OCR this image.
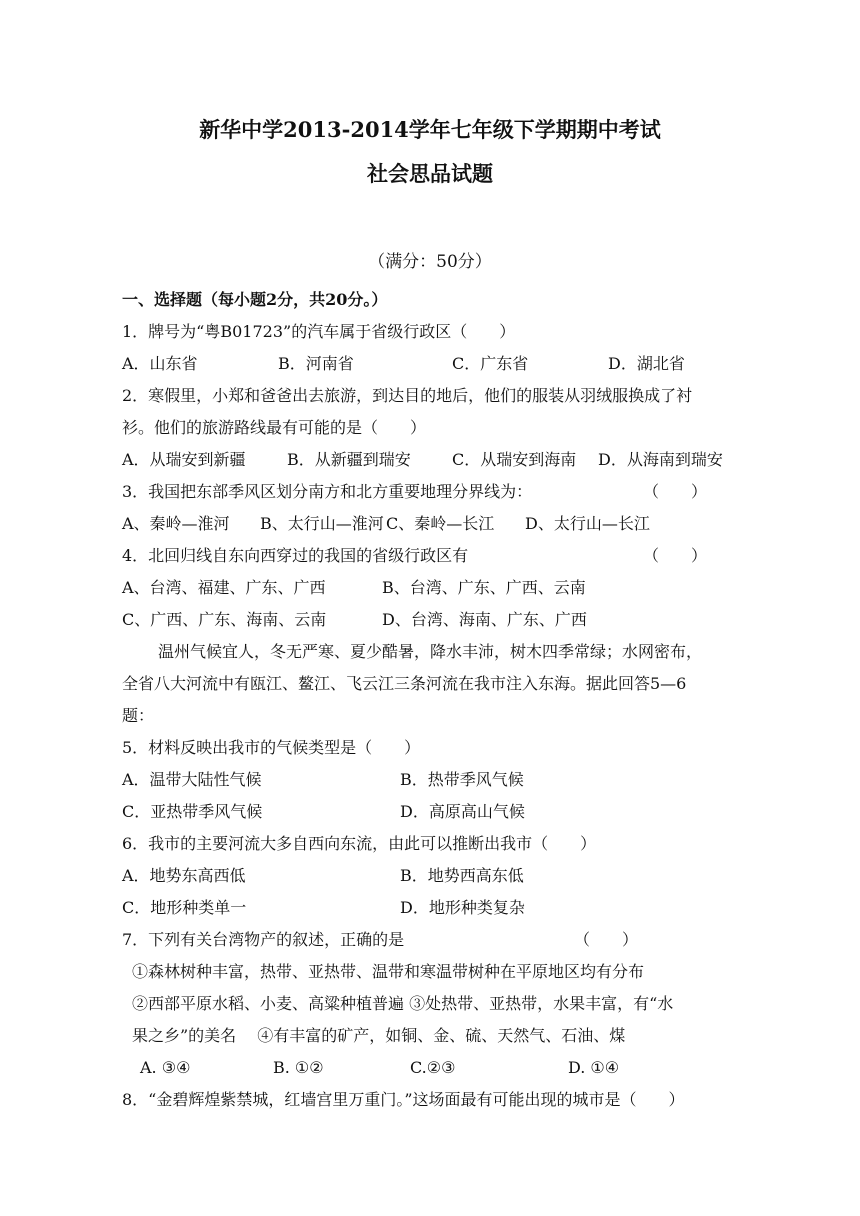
新华中学2013-2014学年七年级下学期期中考试
社会思品试题
（满分：50分）
一、选择题（每小题2分，共20分。）
1．牌号为“粤B01723”的汽车属于省级行政区（　　）
A．山东省	B．河南省	C．广东省	D．湖北省
2．寒假里，小郑和爸爸出去旅游，到达目的地后，他们的服装从羽绒服换成了衬
衫。他们的旅游路线最有可能的是（　　）
A．从瑞安到新疆	B．从新疆到瑞安	C．从瑞安到海南 D．从海南到瑞安
3．我国把东部季风区划分南方和北方重要地理分界线为：	（　　）
A、秦岭—淮河 B、太行山—淮河 C、秦岭—长江 D、太行山—长江
4．北回归线自东向西穿过的我国的省级行政区有	（　　）
A、台湾、福建、广东、广西	B、台湾、广东、广西、云南
C、广西、广东、海南、云南	D、台湾、海南、广东、广西
温州气候宜人，冬无严寒、夏少酷暑，降水丰沛，树木四季常绿；水网密布，
全省八大河流中有瓯江、鳌江、飞云江三条河流在我市注入东海。据此回答5—6
题：
5．材料反映出我市的气候类型是（　　）
A．温带大陆性气候	B．热带季风气候
C．亚热带季风气候	D．高原高山气候
6．我市的主要河流大多自西向东流，由此可以推断出我市（　　）
A．地势东高西低	B．地势西高东低
C．地形种类单一	D．地形种类复杂
7．下列有关台湾物产的叙述，正确的是	（　　）
①森林树种丰富，热带、亚热带、温带和寒温带树种在平原地区均有分布
②西部平原水稻、小麦、高粱种植普遍 ③处热带、亚热带，水果丰富，有“水
果之乡”的美名　 ④有丰富的矿产，如铜、金、硫、天然气、石油、煤
A. ③④	B. ①②	C.②③	D. ①④
8．“金碧辉煌紫禁城，红墙宫里万重门。”这场面最有可能出现的城市是（　　）
